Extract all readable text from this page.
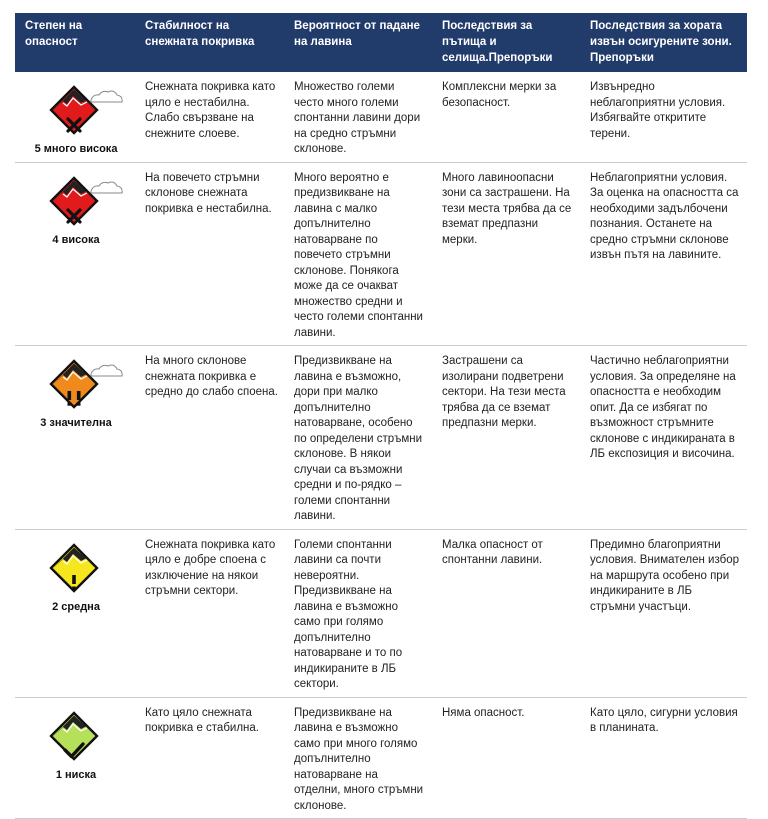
Степен на опасност	Стабилност на снежната покривка	Вероятност от падане на лавина	Последствия за пътища и селища.Препоръки	Последствия за хората извън осигурените зони. Препоръки

5 много висока	Снежната покривка като цяло е нестабилна. Слабо свързване на снежните слоеве.	Множество големи често много големи спонтанни лавини дори на средно стръмни склонове.	Комплексни мерки за безопасност.	Извънредно неблагоприятни условия. Избягвайте откритите терени.

4 висока	На повечето стръмни склонове снежната покривка е нестабилна.	Много вероятно е предизвикване на лавина с малко допълнително натоварване по повечето стръмни склонове. Понякога може да се очакват множество средни и често големи спонтанни лавини.	Много лавиноопасни зони са застрашени. На тези места трябва да се вземат предпазни мерки.	Неблагоприятни условия. За оценка на опасността са необходими задълбочени познания. Останете на средно стръмни склонове извън пътя на лавините.

3 значителна	На много склонове снежната покривка е средно до слабо споена.	Предизвикване на лавина е възможно, дори при малко допълнително натоварване, особено по определени стръмни склонове. В някои случаи са възможни средни и по-рядко – големи спонтанни лавини.	Застрашени са изолирани подветрени сектори. На тези места трябва да се вземат предпазни мерки.	Частично неблагоприятни условия. За определяне на опасността е необходим опит. Да се избягат по възможност стръмните склонове с индикираната в ЛБ експозиция и височина.

2 средна	Снежната покривка като цяло е добре споена с изключение на някои стръмни сектори.	Големи спонтанни лавини са почти невероятни. Предизвикване на лавина е възможно само при голямо допълнително натоварване и то по индикираните в ЛБ сектори.	Малка опасност от спонтанни лавини.	Предимно благоприятни условия. Внимателен избор на маршрута особено при индикираните в ЛБ стръмни участъци.

1 ниска	Като цяло снежната покривка е стабилна.	Предизвикване на лавина е възможно само при много голямо допълнително натоварване на отделни, много стръмни склонове.	Няма опасност.	Като цяло, сигурни условия в планината.
